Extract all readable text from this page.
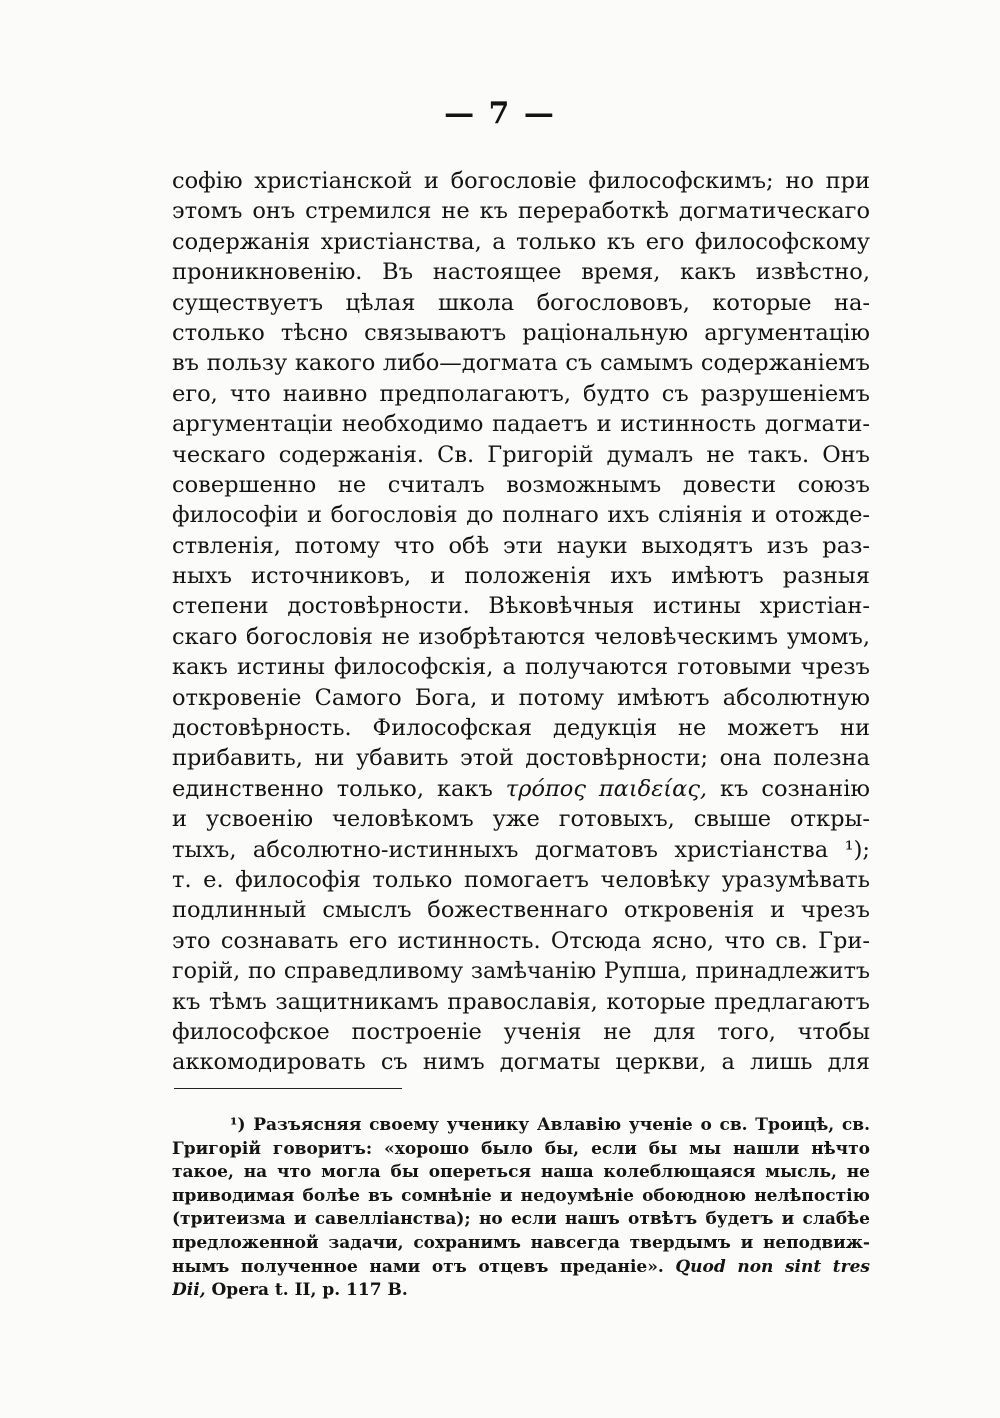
— 7 —
софію христіанской и богословіе философскимъ; но при
этомъ онъ стремился не къ переработкѣ догматическаго
содержанія христіанства, а только къ его философскому
проникновенію. Въ настоящее время, какъ извѣстно,
существуетъ цѣлая школа богослововъ, которые на-
столько тѣсно связываютъ раціональную аргументацію
въ пользу какого либо—догмата съ самымъ содержаніемъ
его, что наивно предполагаютъ, будто съ разрушеніемъ
аргументаціи необходимо падаетъ и истинность догмати-
ческаго содержанія. Св. Григорій думалъ не такъ. Онъ
совершенно не считалъ возможнымъ довести союзъ
философіи и богословія до полнаго ихъ сліянія и отожде-
ствленія, потому что обѣ эти науки выходятъ изъ раз-
ныхъ источниковъ, и положенія ихъ имѣютъ разныя
степени достовѣрности. Вѣковѣчныя истины христіан-
скаго богословія не изобрѣтаются человѣческимъ умомъ,
какъ истины философскія, а получаются готовыми чрезъ
откровеніе Самого Бога, и потому имѣютъ абсолютную
достовѣрность. Философская дедукція не можетъ ни
прибавить, ни убавить этой достовѣрности; она полезна
единственно только, какъ τρόπος παιδείας, къ сознанію
и усвоенію человѣкомъ уже готовыхъ, свыше откры-
тыхъ, абсолютно-истинныхъ догматовъ христіанства ¹);
т. е. философія только помогаетъ человѣку уразумѣвать
подлинный смыслъ божественнаго откровенія и чрезъ
это сознавать его истинность. Отсюда ясно, что св. Гри-
горій, по справедливому замѣчанію Рупша, принадлежитъ
къ тѣмъ защитникамъ православія, которые предлагаютъ
философское построеніе ученія не для того, чтобы
аккомодировать съ нимъ догматы церкви, а лишь для
¹) Разъясняя своему ученику Авлавію ученіе о св. Троицѣ, св.
Григорій говоритъ: «хорошо было бы, если бы мы нашли нѣчто
такое, на что могла бы опереться наша колеблющаяся мысль, не
приводимая болѣе въ сомнѣніе и недоумѣніе обоюдною нелѣпостію
(тритеизма и савелліанства); но если нашъ отвѣтъ будетъ и слабѣе
предложенной задачи, сохранимъ навсегда твердымъ и неподвиж-
нымъ полученное нами отъ отцевъ преданіе». Quod non sint tres
Dii, Opera t. II, p. 117 B.
